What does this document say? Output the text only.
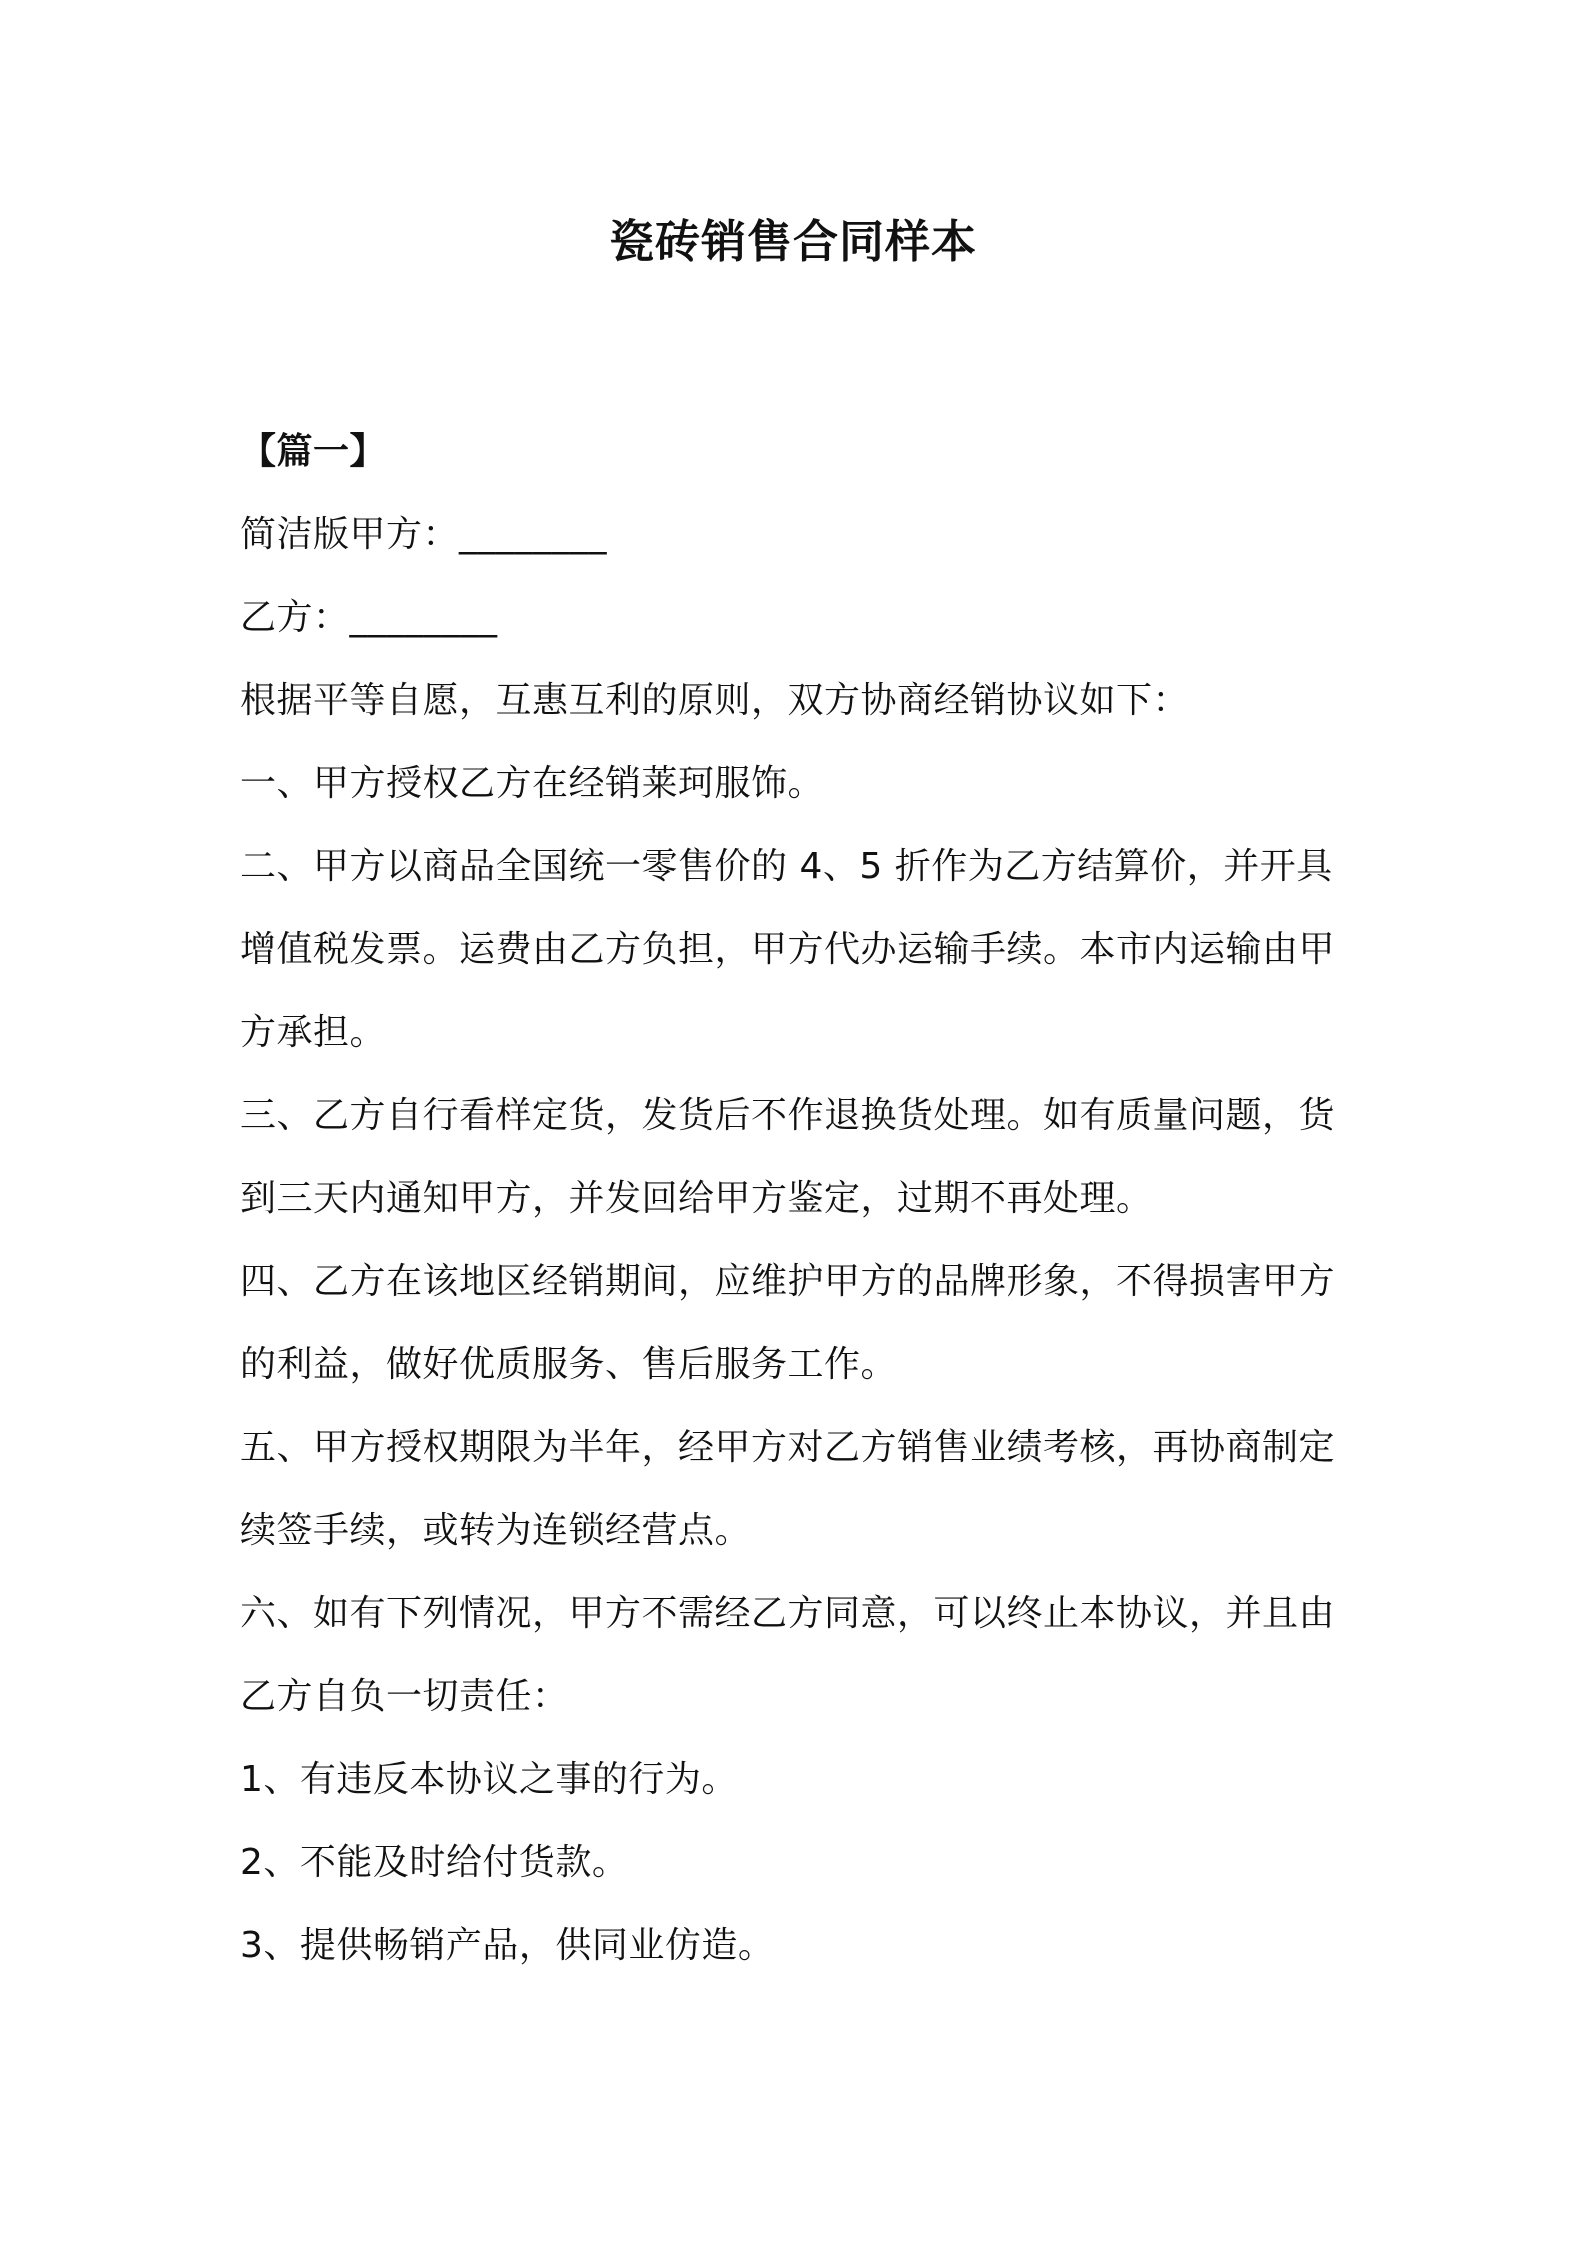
瓷砖销售合同样本

【篇一】

简洁版甲方：________

乙方：________

根据平等自愿，互惠互利的原则，双方协商经销协议如下：

一、甲方授权乙方在经销莱珂服饰。

二、甲方以商品全国统一零售价的 4、5 折作为乙方结算价，并开具增值税发票。运费由乙方负担，甲方代办运输手续。本市内运输由甲方承担。

三、乙方自行看样定货，发货后不作退换货处理。如有质量问题，货到三天内通知甲方，并发回给甲方鉴定，过期不再处理。

四、乙方在该地区经销期间，应维护甲方的品牌形象，不得损害甲方的利益，做好优质服务、售后服务工作。

五、甲方授权期限为半年，经甲方对乙方销售业绩考核，再协商制定续签手续，或转为连锁经营点。

六、如有下列情况，甲方不需经乙方同意，可以终止本协议，并且由乙方自负一切责任：

1、有违反本协议之事的行为。

2、不能及时给付货款。

3、提供畅销产品，供同业仿造。
